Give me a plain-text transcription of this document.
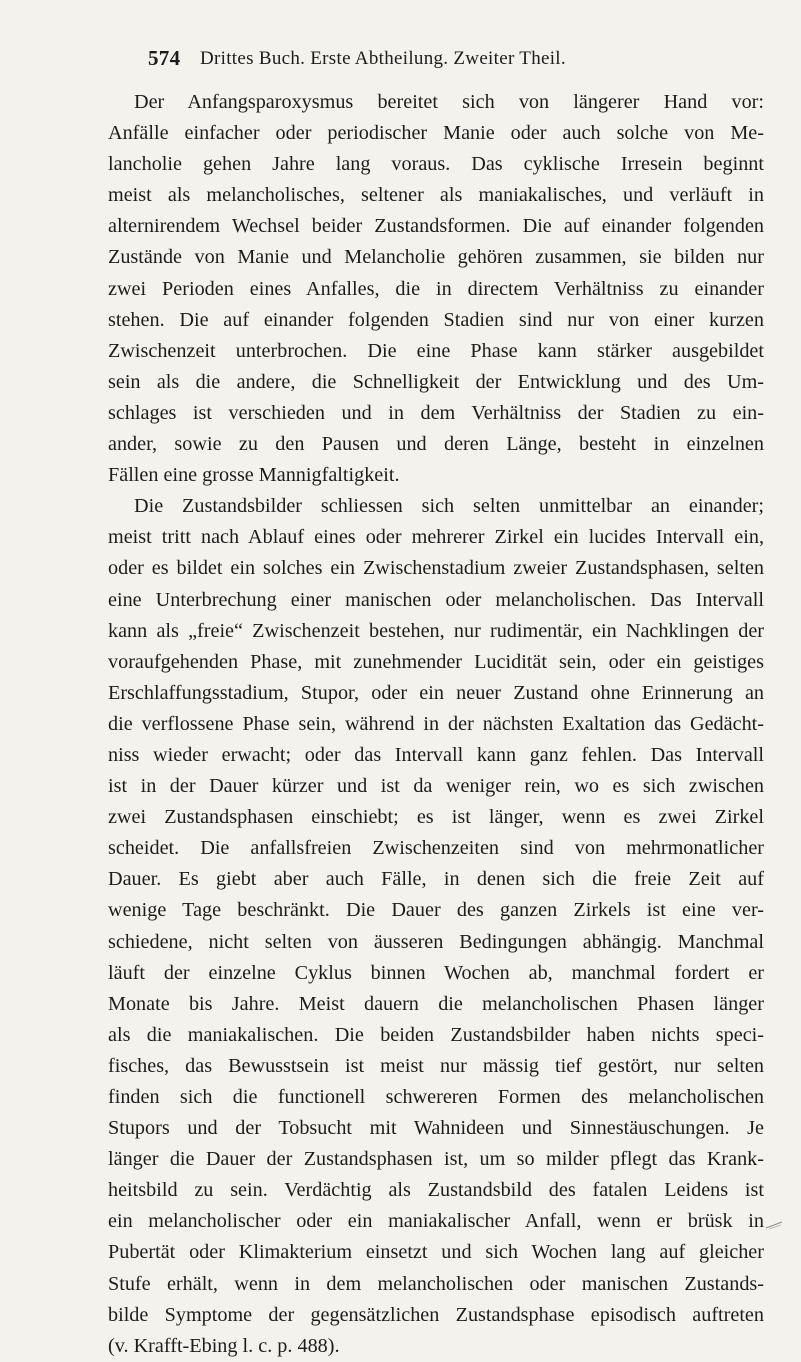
574 Drittes Buch. Erste Abtheilung. Zweiter Theil.
Der Anfangsparoxysmus bereitet sich von längerer Hand vor:
Anfälle einfacher oder periodischer Manie oder auch solche von Me-
lancholie gehen Jahre lang voraus. Das cyklische Irresein beginnt
meist als melancholisches, seltener als maniakalisches, und verläuft in
alternirendem Wechsel beider Zustandsformen. Die auf einander folgenden
Zustände von Manie und Melancholie gehören zusammen, sie bilden nur
zwei Perioden eines Anfalles, die in directem Verhältniss zu einander
stehen. Die auf einander folgenden Stadien sind nur von einer kurzen
Zwischenzeit unterbrochen. Die eine Phase kann stärker ausgebildet
sein als die andere, die Schnelligkeit der Entwicklung und des Um-
schlages ist verschieden und in dem Verhältniss der Stadien zu ein-
ander, sowie zu den Pausen und deren Länge, besteht in einzelnen
Fällen eine grosse Mannigfaltigkeit.
Die Zustandsbilder schliessen sich selten unmittelbar an einander;
meist tritt nach Ablauf eines oder mehrerer Zirkel ein lucides Intervall ein,
oder es bildet ein solches ein Zwischenstadium zweier Zustandsphasen, selten
eine Unterbrechung einer manischen oder melancholischen. Das Intervall
kann als „freie“ Zwischenzeit bestehen, nur rudimentär, ein Nachklingen der
voraufgehenden Phase, mit zunehmender Lucidität sein, oder ein geistiges
Erschlaffungsstadium, Stupor, oder ein neuer Zustand ohne Erinnerung an
die verflossene Phase sein, während in der nächsten Exaltation das Gedächt-
niss wieder erwacht; oder das Intervall kann ganz fehlen. Das Intervall
ist in der Dauer kürzer und ist da weniger rein, wo es sich zwischen
zwei Zustandsphasen einschiebt; es ist länger, wenn es zwei Zirkel
scheidet. Die anfallsfreien Zwischenzeiten sind von mehrmonatlicher
Dauer. Es giebt aber auch Fälle, in denen sich die freie Zeit auf
wenige Tage beschränkt. Die Dauer des ganzen Zirkels ist eine ver-
schiedene, nicht selten von äusseren Bedingungen abhängig. Manchmal
läuft der einzelne Cyklus binnen Wochen ab, manchmal fordert er
Monate bis Jahre. Meist dauern die melancholischen Phasen länger
als die maniakalischen. Die beiden Zustandsbilder haben nichts speci-
fisches, das Bewusstsein ist meist nur mässig tief gestört, nur selten
finden sich die functionell schwereren Formen des melancholischen
Stupors und der Tobsucht mit Wahnideen und Sinnestäuschungen. Je
länger die Dauer der Zustandsphasen ist, um so milder pflegt das Krank-
heitsbild zu sein. Verdächtig als Zustandsbild des fatalen Leidens ist
ein melancholischer oder ein maniakalischer Anfall, wenn er brüsk in
Pubertät oder Klimakterium einsetzt und sich Wochen lang auf gleicher
Stufe erhält, wenn in dem melancholischen oder manischen Zustands-
bilde Symptome der gegensätzlichen Zustandsphase episodisch auftreten
(v. Krafft-Ebing l. c. p. 488).
